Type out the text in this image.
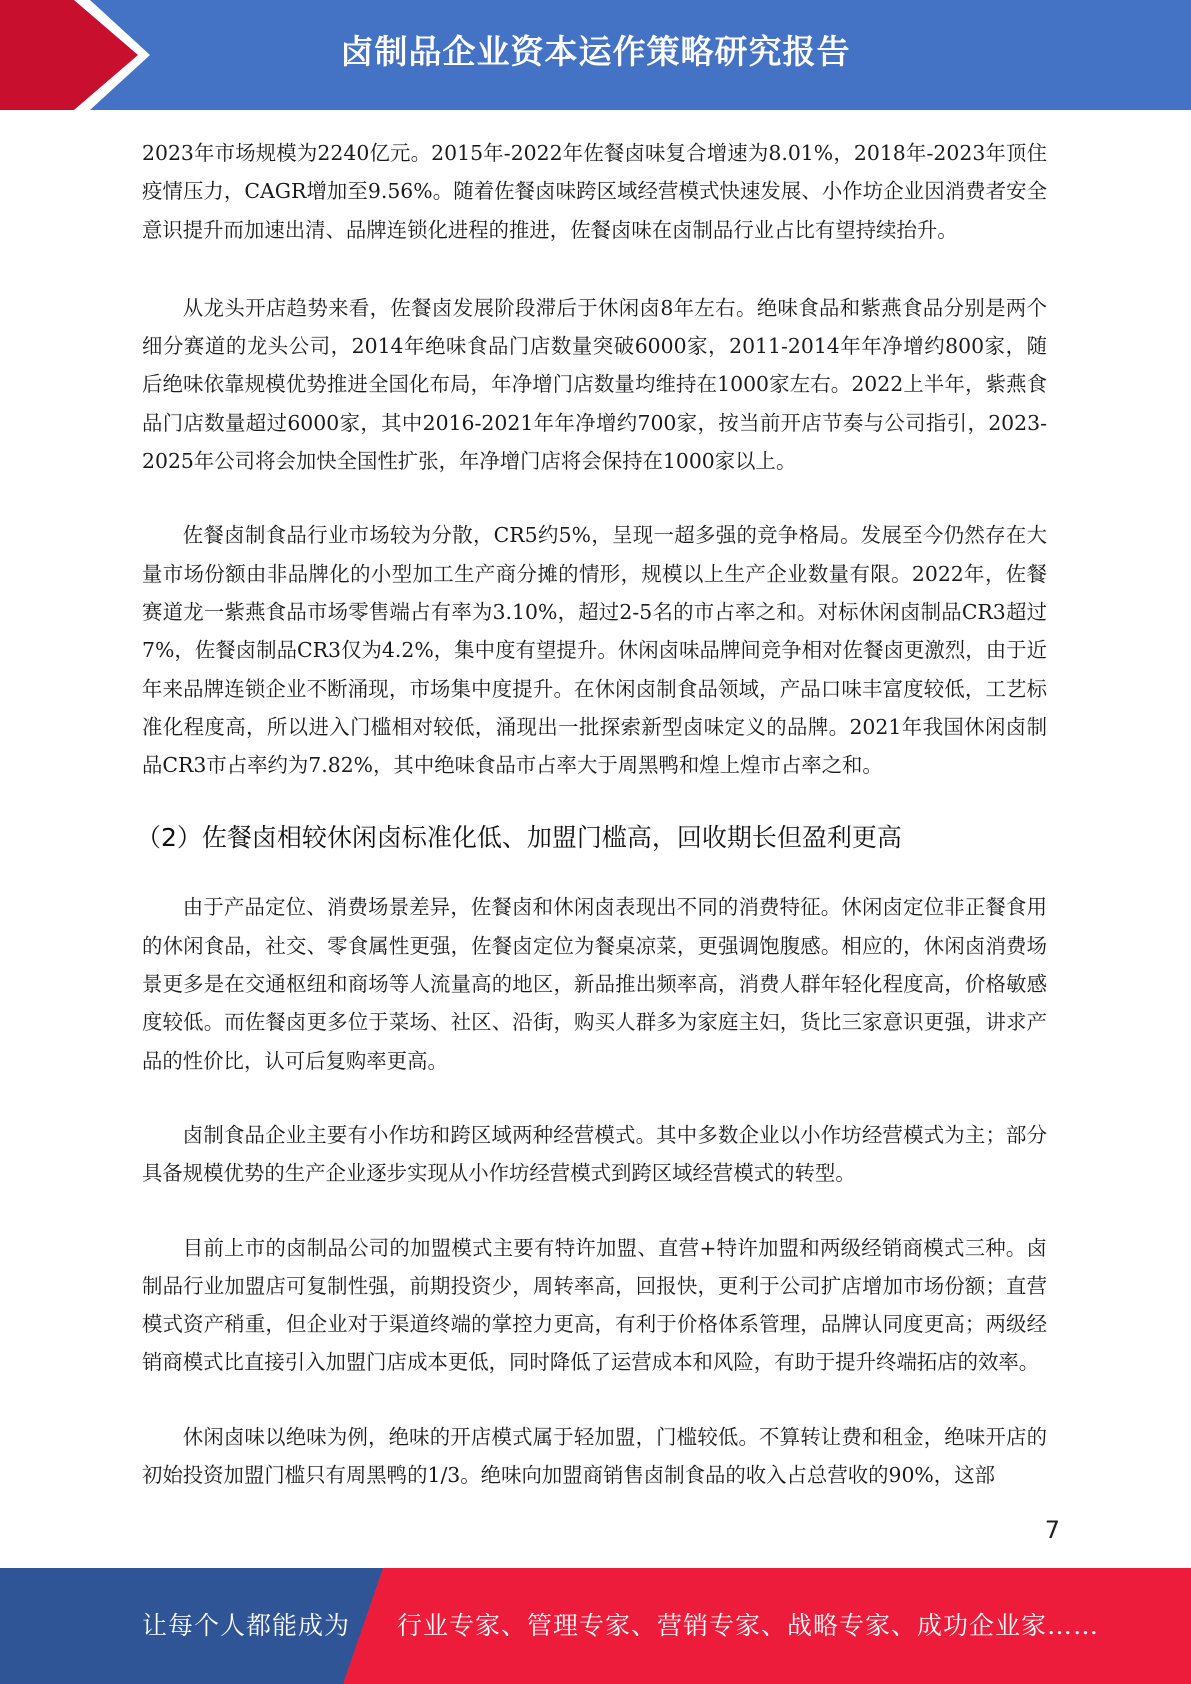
卤制品企业资本运作策略研究报告

2023年市场规模为2240亿元。2015年-2022年佐餐卤味复合增速为8.01%，2018年-2023年顶住疫情压力，CAGR增加至9.56%。随着佐餐卤味跨区域经营模式快速发展、小作坊企业因消费者安全意识提升而加速出清、品牌连锁化进程的推进，佐餐卤味在卤制品行业占比有望持续抬升。

从龙头开店趋势来看，佐餐卤发展阶段滞后于休闲卤8年左右。绝味食品和紫燕食品分别是两个细分赛道的龙头公司，2014年绝味食品门店数量突破6000家，2011-2014年年净增约800家，随后绝味依靠规模优势推进全国化布局，年净增门店数量均维持在1000家左右。2022上半年，紫燕食品门店数量超过6000家，其中2016-2021年年净增约700家，按当前开店节奏与公司指引，2023-2025年公司将会加快全国性扩张，年净增门店将会保持在1000家以上。

佐餐卤制食品行业市场较为分散，CR5约5%，呈现一超多强的竞争格局。发展至今仍然存在大量市场份额由非品牌化的小型加工生产商分摊的情形，规模以上生产企业数量有限。2022年，佐餐赛道龙一紫燕食品市场零售端占有率为3.10%，超过2-5名的市占率之和。对标休闲卤制品CR3超过7%，佐餐卤制品CR3仅为4.2%，集中度有望提升。休闲卤味品牌间竞争相对佐餐卤更激烈，由于近年来品牌连锁企业不断涌现，市场集中度提升。在休闲卤制食品领域，产品口味丰富度较低，工艺标准化程度高，所以进入门槛相对较低，涌现出一批探索新型卤味定义的品牌。2021年我国休闲卤制品CR3市占率约为7.82%，其中绝味食品市占率大于周黑鸭和煌上煌市占率之和。

（2）佐餐卤相较休闲卤标准化低、加盟门槛高，回收期长但盈利更高

由于产品定位、消费场景差异，佐餐卤和休闲卤表现出不同的消费特征。休闲卤定位非正餐食用的休闲食品，社交、零食属性更强，佐餐卤定位为餐桌凉菜，更强调饱腹感。相应的，休闲卤消费场景更多是在交通枢纽和商场等人流量高的地区，新品推出频率高，消费人群年轻化程度高，价格敏感度较低。而佐餐卤更多位于菜场、社区、沿街，购买人群多为家庭主妇，货比三家意识更强，讲求产品的性价比，认可后复购率更高。

卤制食品企业主要有小作坊和跨区域两种经营模式。其中多数企业以小作坊经营模式为主；部分具备规模优势的生产企业逐步实现从小作坊经营模式到跨区域经营模式的转型。

目前上市的卤制品公司的加盟模式主要有特许加盟、直营+特许加盟和两级经销商模式三种。卤制品行业加盟店可复制性强，前期投资少，周转率高，回报快，更利于公司扩店增加市场份额；直营模式资产稍重，但企业对于渠道终端的掌控力更高，有利于价格体系管理，品牌认同度更高；两级经销商模式比直接引入加盟门店成本更低，同时降低了运营成本和风险，有助于提升终端拓店的效率。

休闲卤味以绝味为例，绝味的开店模式属于轻加盟，门槛较低。不算转让费和租金，绝味开店的初始投资加盟门槛只有周黑鸭的1/3。绝味向加盟商销售卤制食品的收入占总营收的90%，这部

7
让每个人都能成为 行业专家、管理专家、营销专家、战略专家、成功企业家……
